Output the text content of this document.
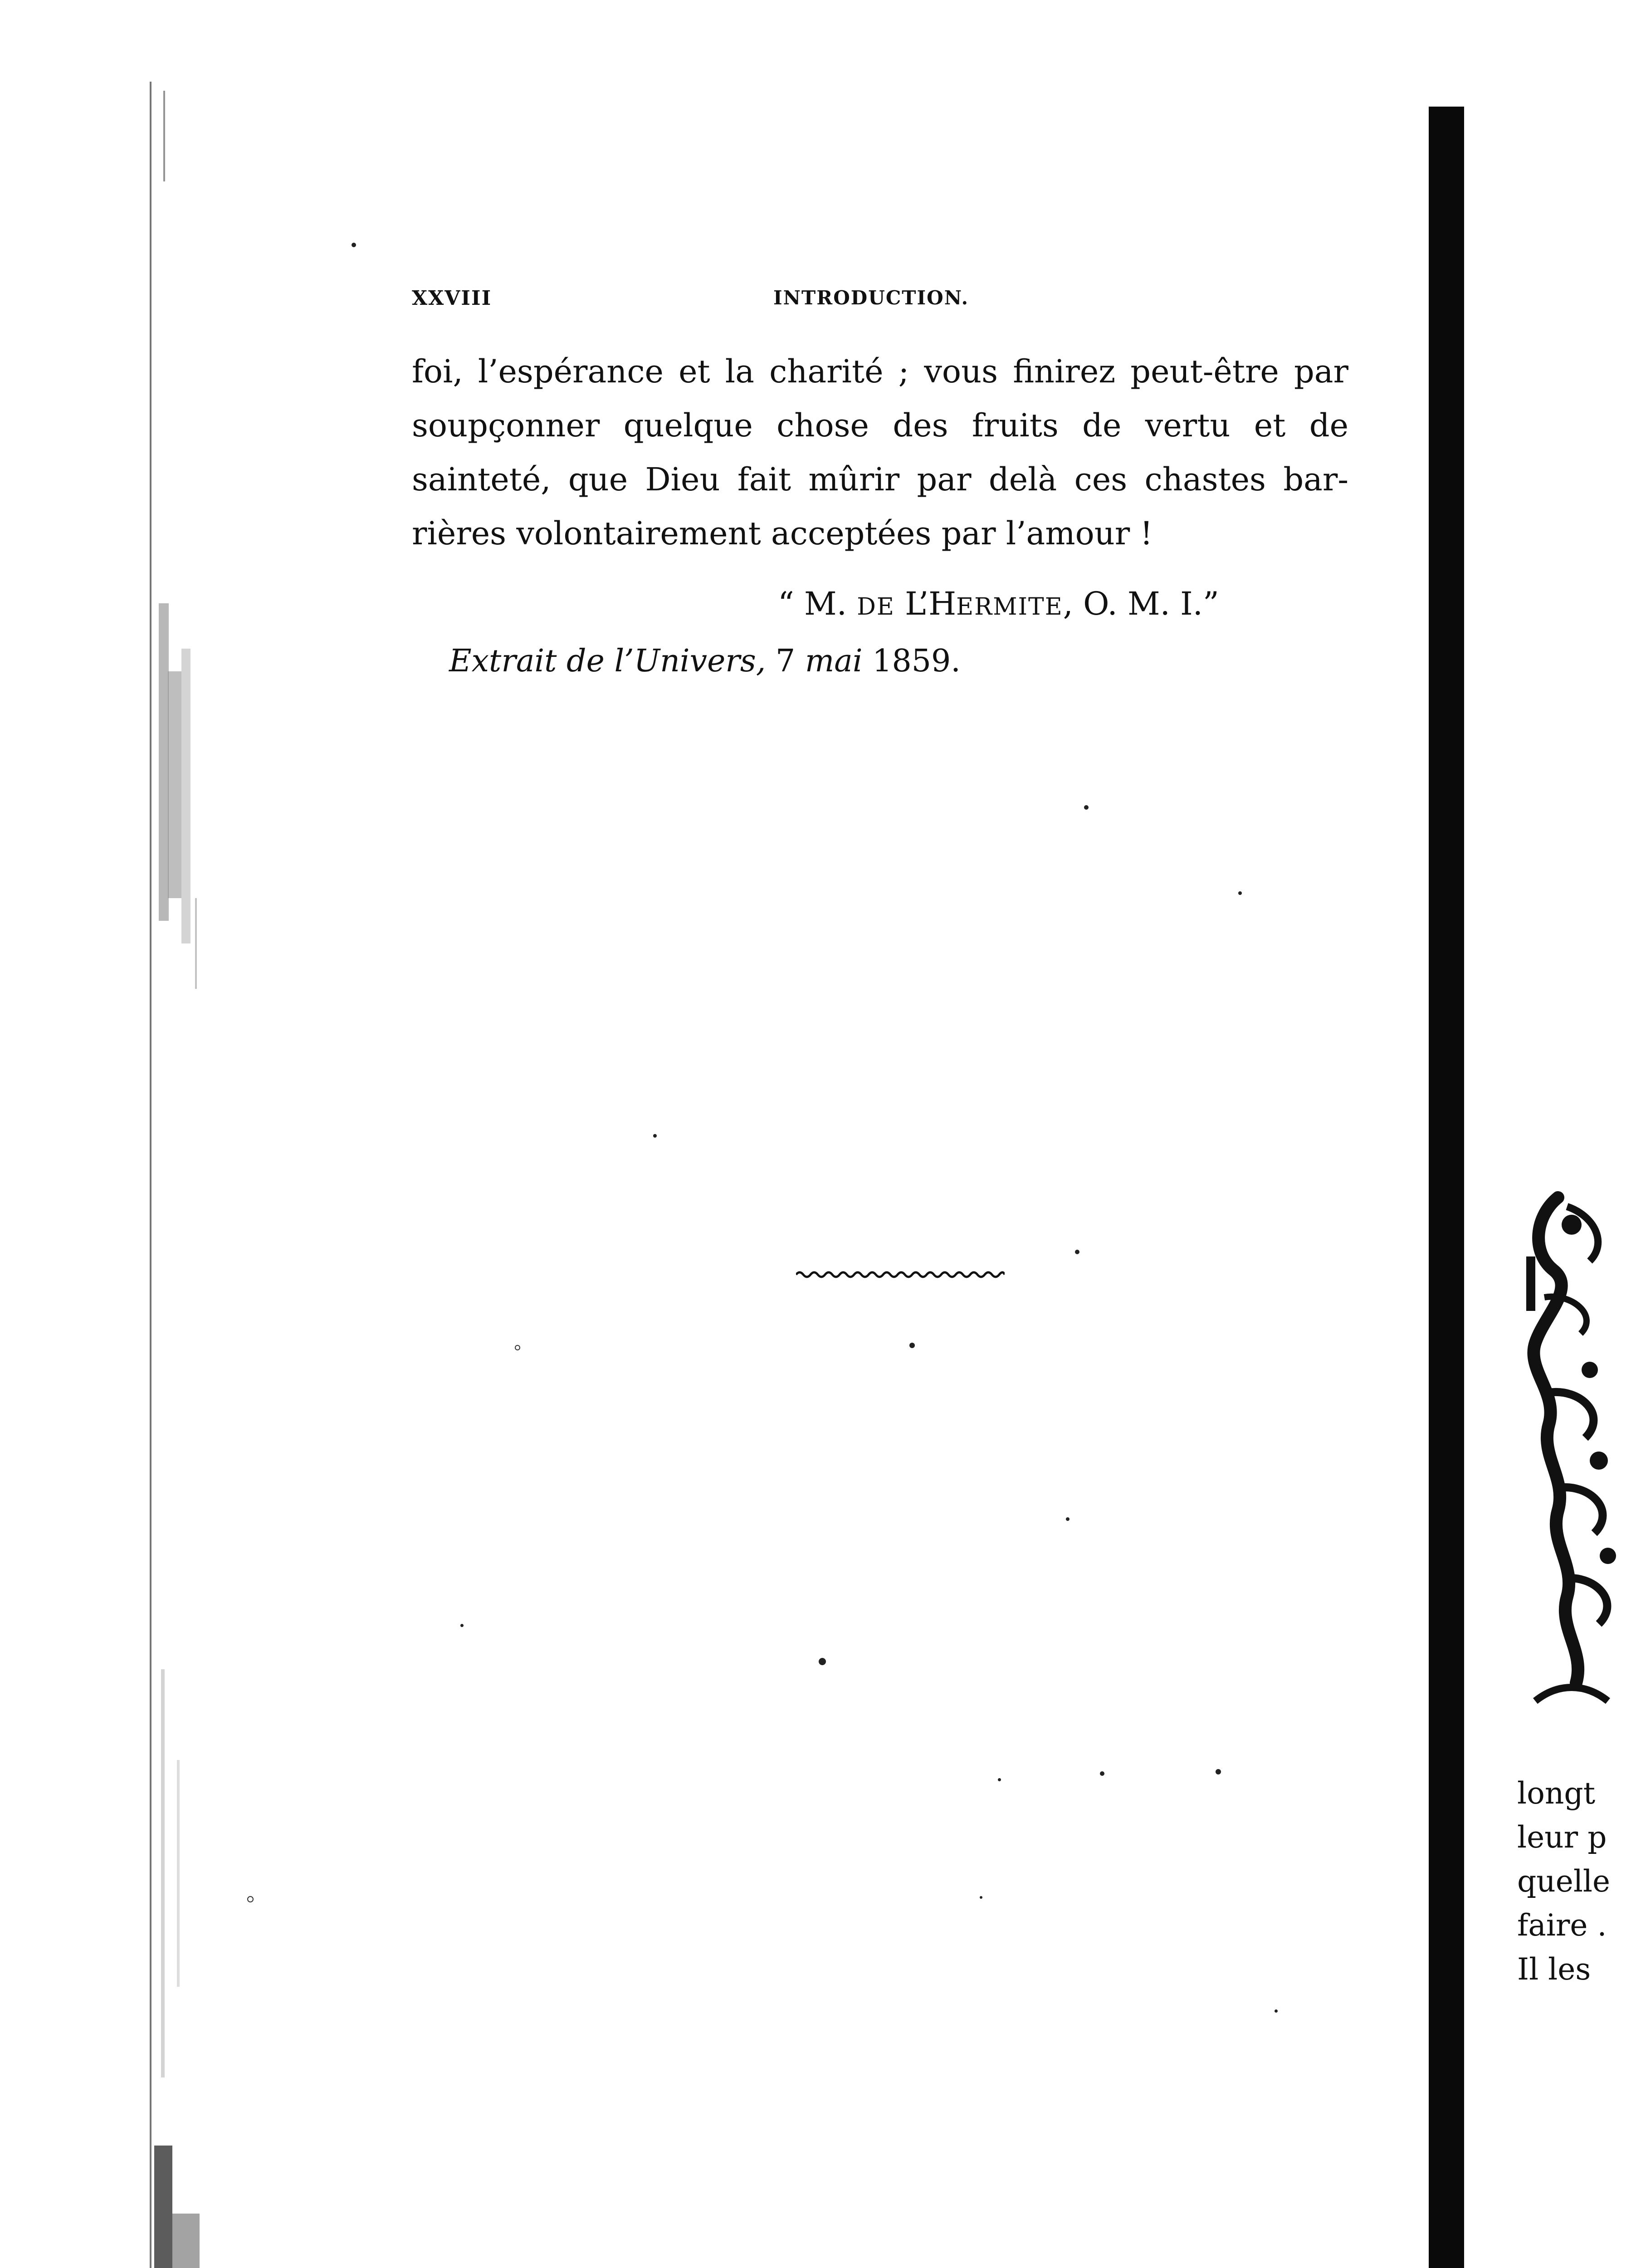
XXVIII	INTRODUCTION.
foi, l’espérance et la charité ; vous finirez peut-être par
soupçonner quelque chose des fruits de vertu et de
sainteté, que Dieu fait mûrir par delà ces chastes bar-
rières volontairement acceptées par l’amour !
“ M. DE L’HERMITE, O. M. I.”
Extrait de l’Univers, 7 mai 1859.
longt
leur p
quelle
faire .
Il les
